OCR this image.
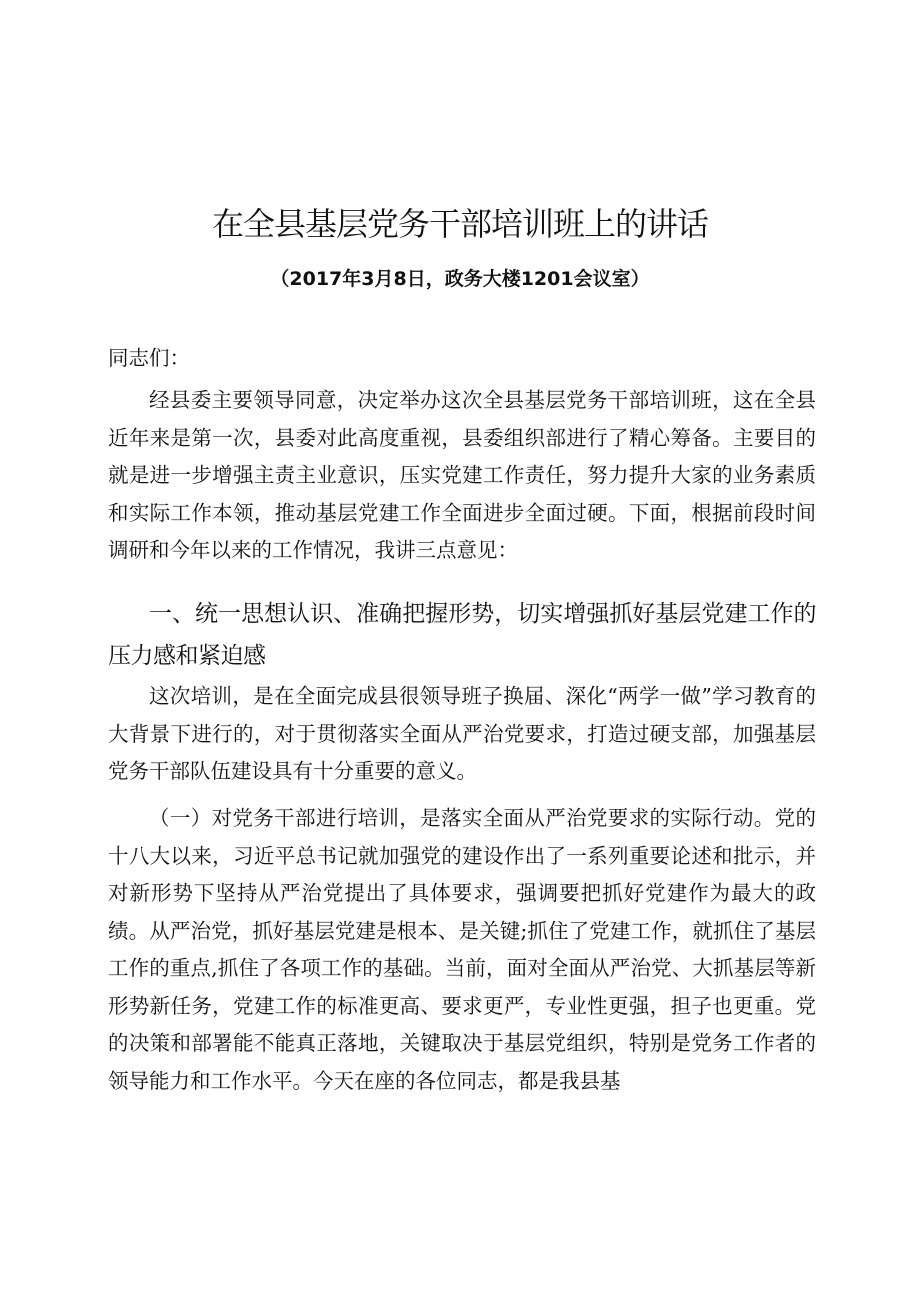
在全县基层党务干部培训班上的讲话
（2017年3月8日，政务大楼1201会议室）
同志们：
经县委主要领导同意，决定举办这次全县基层党务干部培训班，这在全县近年来是第一次，县委对此高度重视，县委组织部进行了精心筹备。主要目的就是进一步增强主责主业意识，压实党建工作责任，努力提升大家的业务素质和实际工作本领，推动基层党建工作全面进步全面过硬。下面，根据前段时间调研和今年以来的工作情况，我讲三点意见：
一、统一思想认识、准确把握形势，切实增强抓好基层党建工作的压力感和紧迫感
这次培训，是在全面完成县很领导班子换届、深化“两学一做”学习教育的大背景下进行的，对于贯彻落实全面从严治党要求，打造过硬支部，加强基层党务干部队伍建设具有十分重要的意义。
（一）对党务干部进行培训，是落实全面从严治党要求的实际行动。党的十八大以来，习近平总书记就加强党的建设作出了一系列重要论述和批示，并对新形势下坚持从严治党提出了具体要求，强调要把抓好党建作为最大的政绩。从严治党，抓好基层党建是根本、是关键;抓住了党建工作，就抓住了基层工作的重点,抓住了各项工作的基础。当前，面对全面从严治党、大抓基层等新形势新任务，党建工作的标准更高、要求更严，专业性更强，担子也更重。党的决策和部署能不能真正落地，关键取决于基层党组织，特别是党务工作者的领导能力和工作水平。今天在座的各位同志，都是我县基
